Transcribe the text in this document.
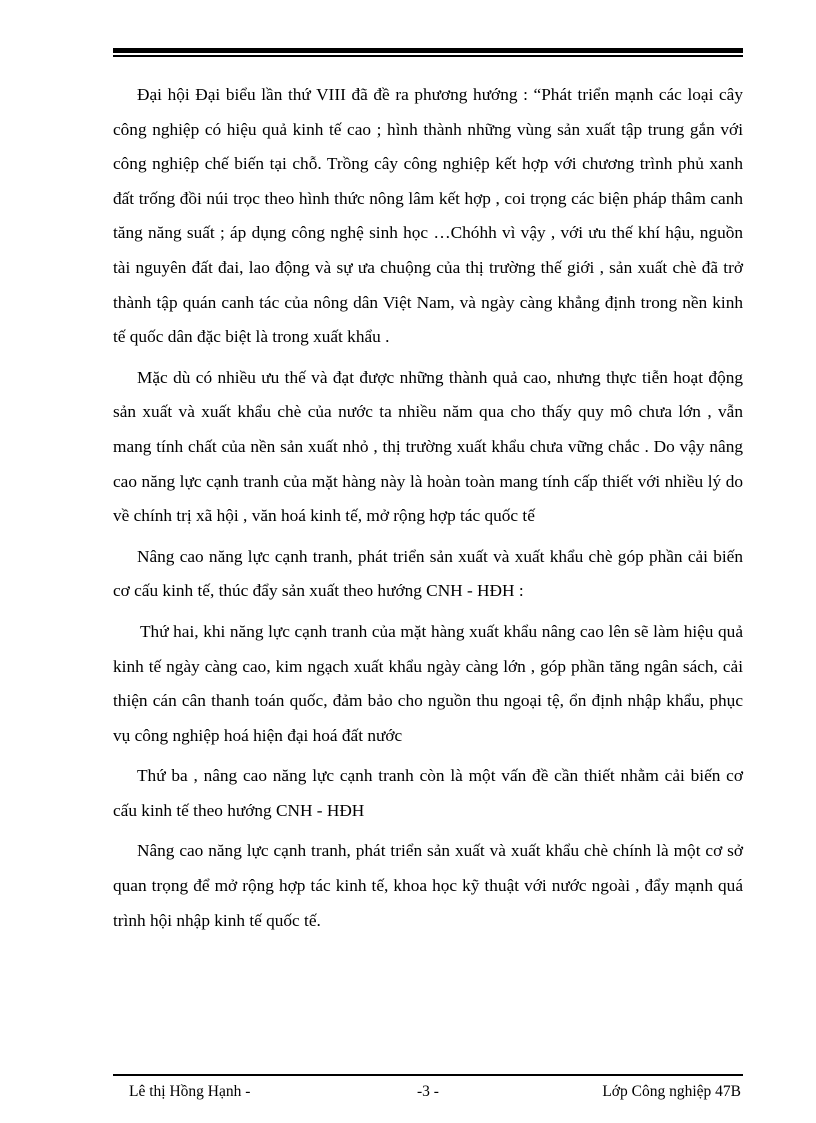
Đại hội Đại biểu lần thứ VIII đã đề ra phương hướng : “Phát triển mạnh các loại cây công nghiệp có hiệu quả kinh tế cao ; hình thành những vùng sản xuất tập trung gắn với công nghiệp chế biến tại chỗ. Trồng cây công nghiệp kết hợp với chương trình phủ xanh đất trống đồi núi trọc theo hình thức nông lâm kết hợp , coi trọng các biện pháp thâm canh tăng năng suất ; áp dụng công nghệ sinh học …Chóhh vì vậy , với ưu thế khí hậu, nguồn tài nguyên đất đai, lao động và sự ưa chuộng của thị trường thế giới , sản xuất chè đã trở thành tập quán canh tác của nông dân Việt Nam, và ngày càng khẳng định trong nền kinh tế quốc dân đặc biệt là trong xuất khẩu .

Mặc dù có nhiều ưu thế và đạt được những thành quả cao, nhưng thực tiễn hoạt động sản xuất và xuất khẩu chè của nước ta nhiều năm qua cho thấy quy mô chưa lớn , vẫn mang tính chất của nền sản xuất nhỏ , thị trường xuất khẩu chưa vững chắc . Do vậy nâng cao năng lực cạnh tranh của mặt hàng này là hoàn toàn mang tính cấp thiết với nhiều lý do về chính trị xã hội , văn hoá kinh tế, mở rộng hợp tác quốc tế

Nâng cao năng lực cạnh tranh, phát triển sản xuất và xuất khẩu chè góp phần cải biến cơ cấu kinh tế, thúc đẩy sản xuất theo hướng CNH - HĐH :

Thứ hai, khi năng lực cạnh tranh của mặt hàng xuất khẩu nâng cao lên sẽ làm hiệu quả kinh tế ngày càng cao, kim ngạch xuất khẩu ngày càng lớn , góp phần tăng ngân sách, cải thiện cán cân thanh toán quốc, đảm bảo cho nguồn thu ngoại tệ, ổn định nhập khẩu, phục vụ công nghiệp hoá hiện đại hoá đất nước

Thứ ba , nâng cao năng lực cạnh tranh còn là một vấn đề cần thiết nhằm cải biến cơ cấu kinh tế theo hướng CNH - HĐH

Nâng cao năng lực cạnh tranh, phát triển sản xuất và xuất khẩu chè chính là một cơ sở quan trọng để mở rộng hợp tác kinh tế, khoa học kỹ thuật với nước ngoài , đẩy mạnh quá trình hội nhập kinh tế quốc tế.

Lê thị Hồng Hạnh -	-3 -	Lớp Công nghiệp 47B
